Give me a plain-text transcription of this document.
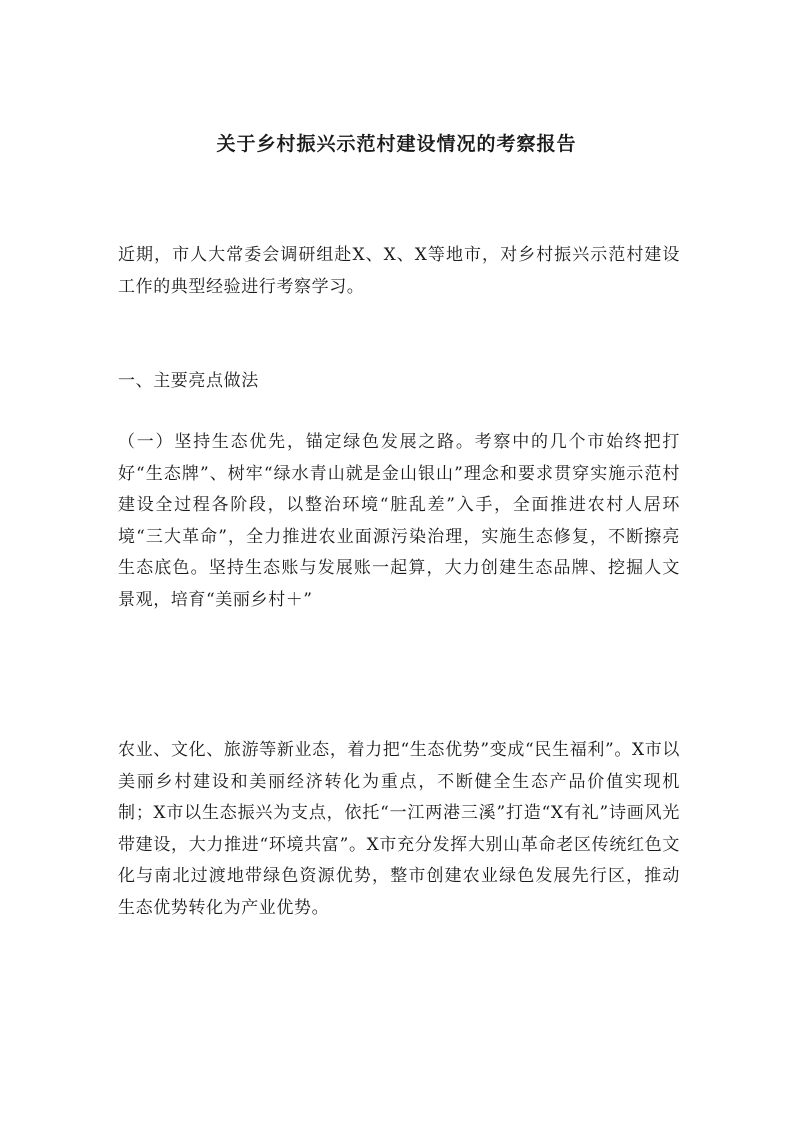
关于乡村振兴示范村建设情况的考察报告

近期，市人大常委会调研组赴X、X、X等地市，对乡村振兴示范村建设工作的典型经验进行考察学习。

一、主要亮点做法

（一）坚持生态优先，锚定绿色发展之路。考察中的几个市始终把打好“生态牌”、树牢“绿水青山就是金山银山”理念和要求贯穿实施示范村建设全过程各阶段，以整治环境“脏乱差”入手，全面推进农村人居环境“三大革命”，全力推进农业面源污染治理，实施生态修复，不断擦亮生态底色。坚持生态账与发展账一起算，大力创建生态品牌、挖掘人文景观，培育“美丽乡村＋”

农业、文化、旅游等新业态，着力把“生态优势”变成“民生福利”。X市以美丽乡村建设和美丽经济转化为重点，不断健全生态产品价值实现机制；X市以生态振兴为支点，依托“一江两港三溪”打造“X有礼”诗画风光带建设，大力推进“环境共富”。X市充分发挥大别山革命老区传统红色文化与南北过渡地带绿色资源优势，整市创建农业绿色发展先行区，推动生态优势转化为产业优势。
